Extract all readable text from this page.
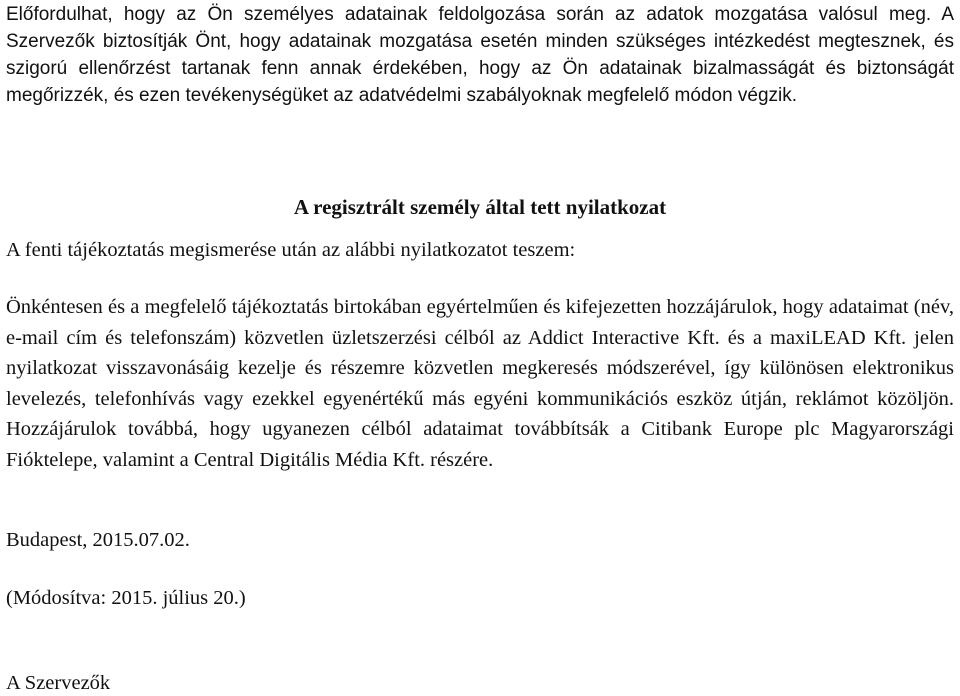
Előfordulhat, hogy az Ön személyes adatainak feldolgozása során az adatok mozgatása valósul meg. A Szervezők biztosítják Önt, hogy adatainak mozgatása esetén minden szükséges intézkedést megtesznek, és szigorú ellenőrzést tartanak fenn annak érdekében, hogy az Ön adatainak bizalmasságát és biztonságát megőrizzék, és ezen tevékenységüket az adatvédelmi szabályoknak megfelelő módon végzik.

A regisztrált személy által tett nyilatkozat

A fenti tájékoztatás megismerése után az alábbi nyilatkozatot teszem:

Önkéntesen és a megfelelő tájékoztatás birtokában egyértelműen és kifejezetten hozzájárulok, hogy adataimat (név, e-mail cím és telefonszám) közvetlen üzletszerzési célból az Addict Interactive Kft. és a maxiLEAD Kft. jelen nyilatkozat visszavonásáig kezelje és részemre közvetlen megkeresés módszerével, így különösen elektronikus levelezés, telefonhívás vagy ezekkel egyenértékű más egyéni kommunikációs eszköz útján, reklámot közöljön. Hozzájárulok továbbá, hogy ugyanezen célból adataimat továbbítsák a Citibank Europe plc Magyarországi Fióktelepe, valamint a Central Digitális Média Kft. részére.

Budapest, 2015.07.02.

(Módosítva: 2015. július 20.)

A Szervezők
